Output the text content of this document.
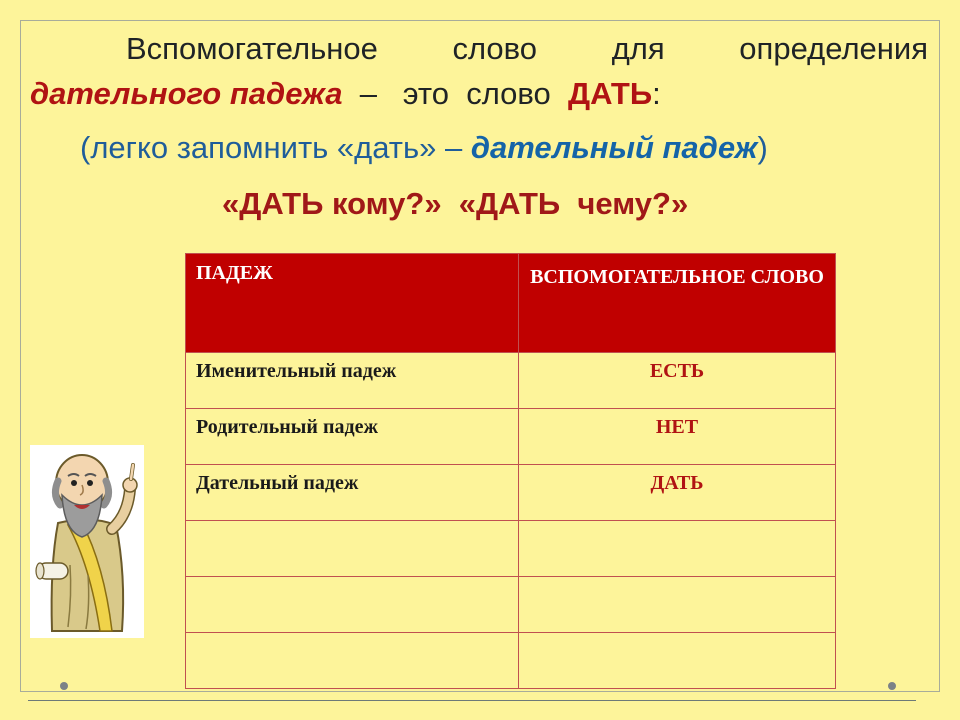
Вспомогательное слово для определения
дательного падежа  –   это  слово  ДАТЬ:
(легко запомнить «дать» – дательный падеж)
«ДАТЬ кому?»  «ДАТЬ  чему?»
ПАДЕЖ	ВСПОМОГАТЕЛЬНОЕ СЛОВО
Именительный падеж	ЕСТЬ
Родительный падеж	НЕТ
Дательный падеж	ДАТЬ
